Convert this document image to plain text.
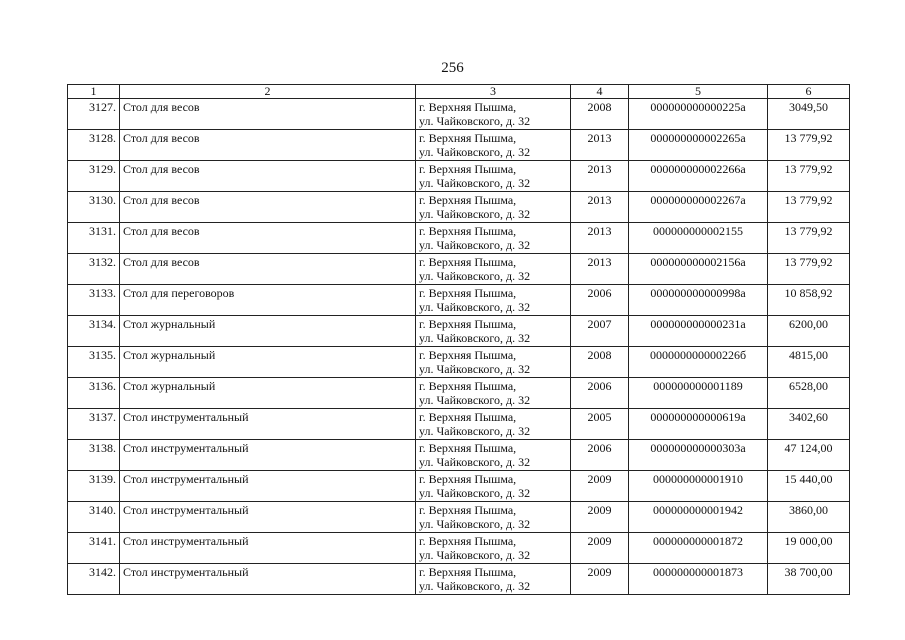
256
1	2	3	4	5	6
3127.	Стол для весов	г. Верхняя Пышма,
ул. Чайковского, д. 32	2008	000000000000225а	3049,50
3128.	Стол для весов	г. Верхняя Пышма,
ул. Чайковского, д. 32	2013	000000000002265а	13 779,92
3129.	Стол для весов	г. Верхняя Пышма,
ул. Чайковского, д. 32	2013	000000000002266а	13 779,92
3130.	Стол для весов	г. Верхняя Пышма,
ул. Чайковского, д. 32	2013	000000000002267а	13 779,92
3131.	Стол для весов	г. Верхняя Пышма,
ул. Чайковского, д. 32	2013	000000000002155	13 779,92
3132.	Стол для весов	г. Верхняя Пышма,
ул. Чайковского, д. 32	2013	000000000002156а	13 779,92
3133.	Стол для переговоров	г. Верхняя Пышма,
ул. Чайковского, д. 32	2006	000000000000998а	10 858,92
3134.	Стол журнальный	г. Верхняя Пышма,
ул. Чайковского, д. 32	2007	000000000000231а	6200,00
3135.	Стол журнальный	г. Верхняя Пышма,
ул. Чайковского, д. 32	2008	000000000000226б	4815,00
3136.	Стол журнальный	г. Верхняя Пышма,
ул. Чайковского, д. 32	2006	000000000001189	6528,00
3137.	Стол инструментальный	г. Верхняя Пышма,
ул. Чайковского, д. 32	2005	000000000000619а	3402,60
3138.	Стол инструментальный	г. Верхняя Пышма,
ул. Чайковского, д. 32	2006	000000000000303а	47 124,00
3139.	Стол инструментальный	г. Верхняя Пышма,
ул. Чайковского, д. 32	2009	000000000001910	15 440,00
3140.	Стол инструментальный	г. Верхняя Пышма,
ул. Чайковского, д. 32	2009	000000000001942	3860,00
3141.	Стол инструментальный	г. Верхняя Пышма,
ул. Чайковского, д. 32	2009	000000000001872	19 000,00
3142.	Стол инструментальный	г. Верхняя Пышма,
ул. Чайковского, д. 32	2009	000000000001873	38 700,00
